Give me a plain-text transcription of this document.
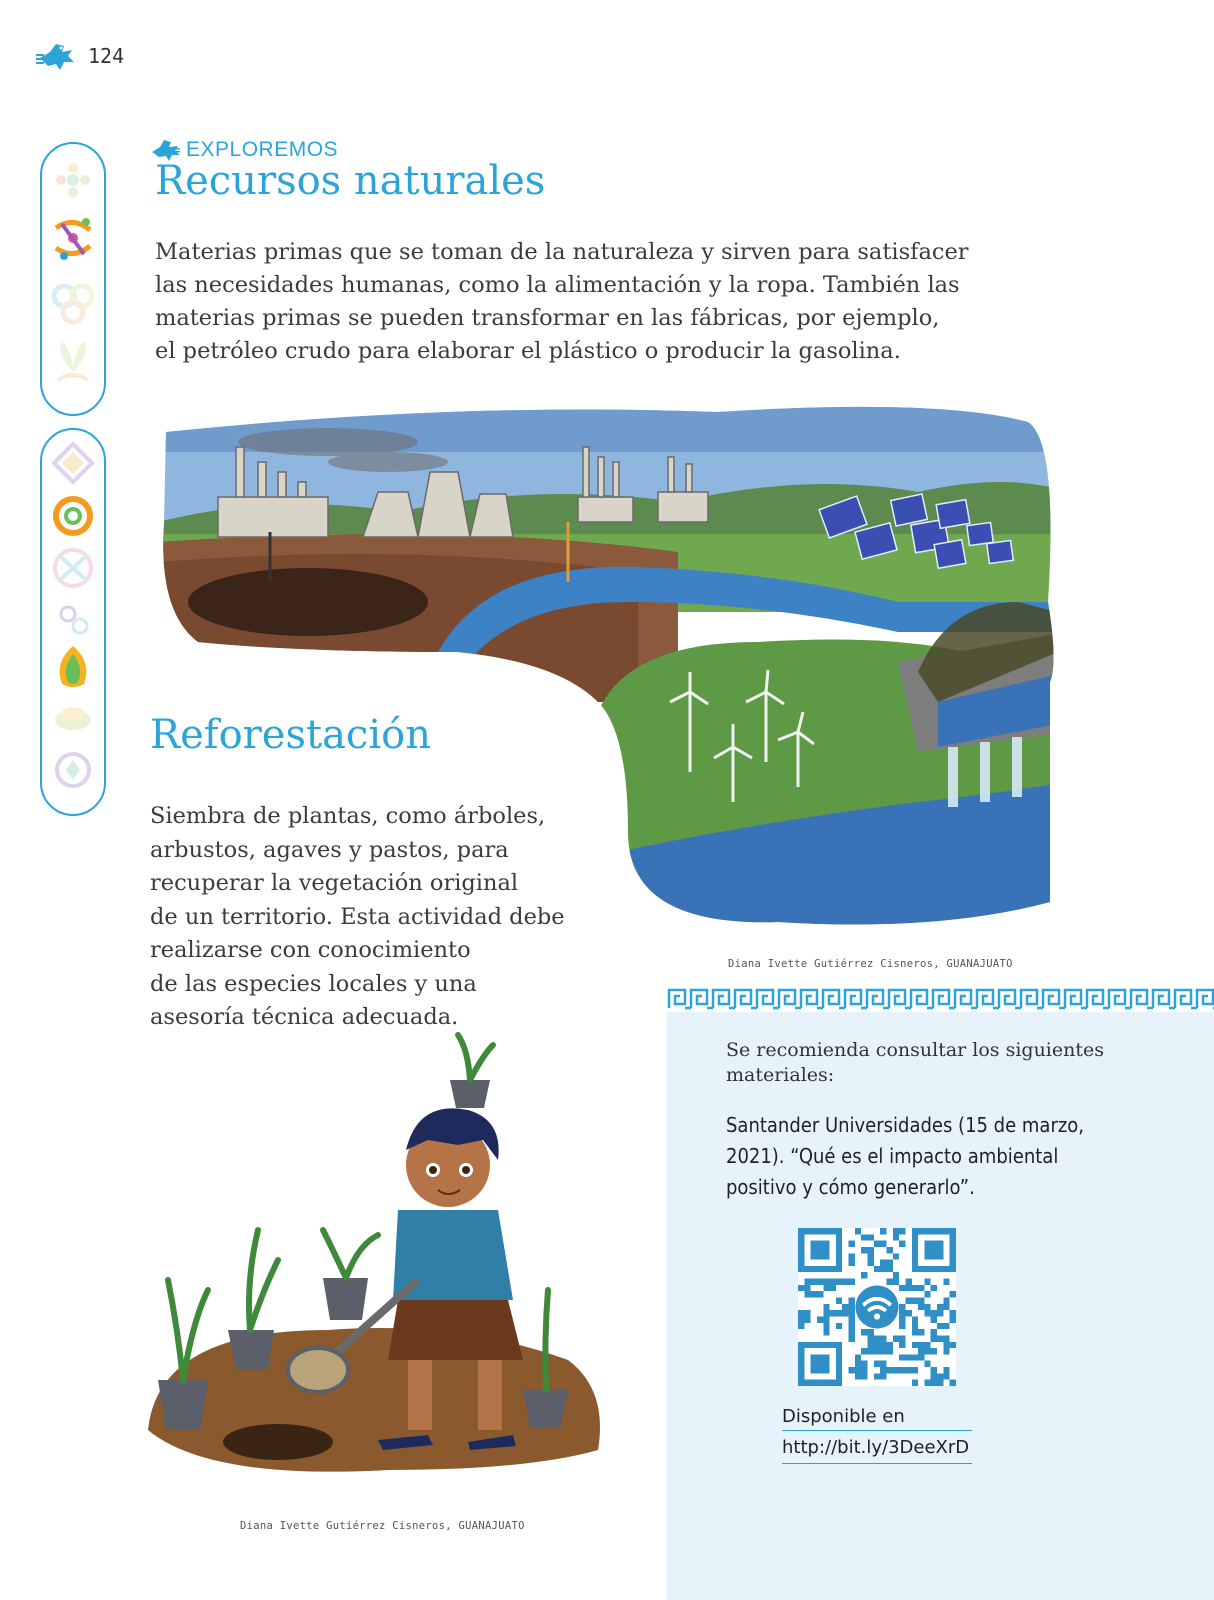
124
EXPLOREMOS
Recursos naturales

Materias primas que se toman de la naturaleza y sirven para satisfacer
las necesidades humanas, como la alimentación y la ropa. También las
materias primas se pueden transformar en las fábricas, por ejemplo,
el petróleo crudo para elaborar el plástico o producir la gasolina.

Diana Ivette Gutiérrez Cisneros, GUANAJUATO
Reforestación

Siembra de plantas, como árboles,
arbustos, agaves y pastos, para
recuperar la vegetación original
de un territorio. Esta actividad debe
realizarse con conocimiento
de las especies locales y una
asesoría técnica adecuada.

Diana Ivette Gutiérrez Cisneros, GUANAJUATO

Se recomienda consultar los siguientes
materiales:

Santander Universidades (15 de marzo,
2021). “Qué es el impacto ambiental
positivo y cómo generarlo”.

Disponible en
http://bit.ly/3DeeXrD
